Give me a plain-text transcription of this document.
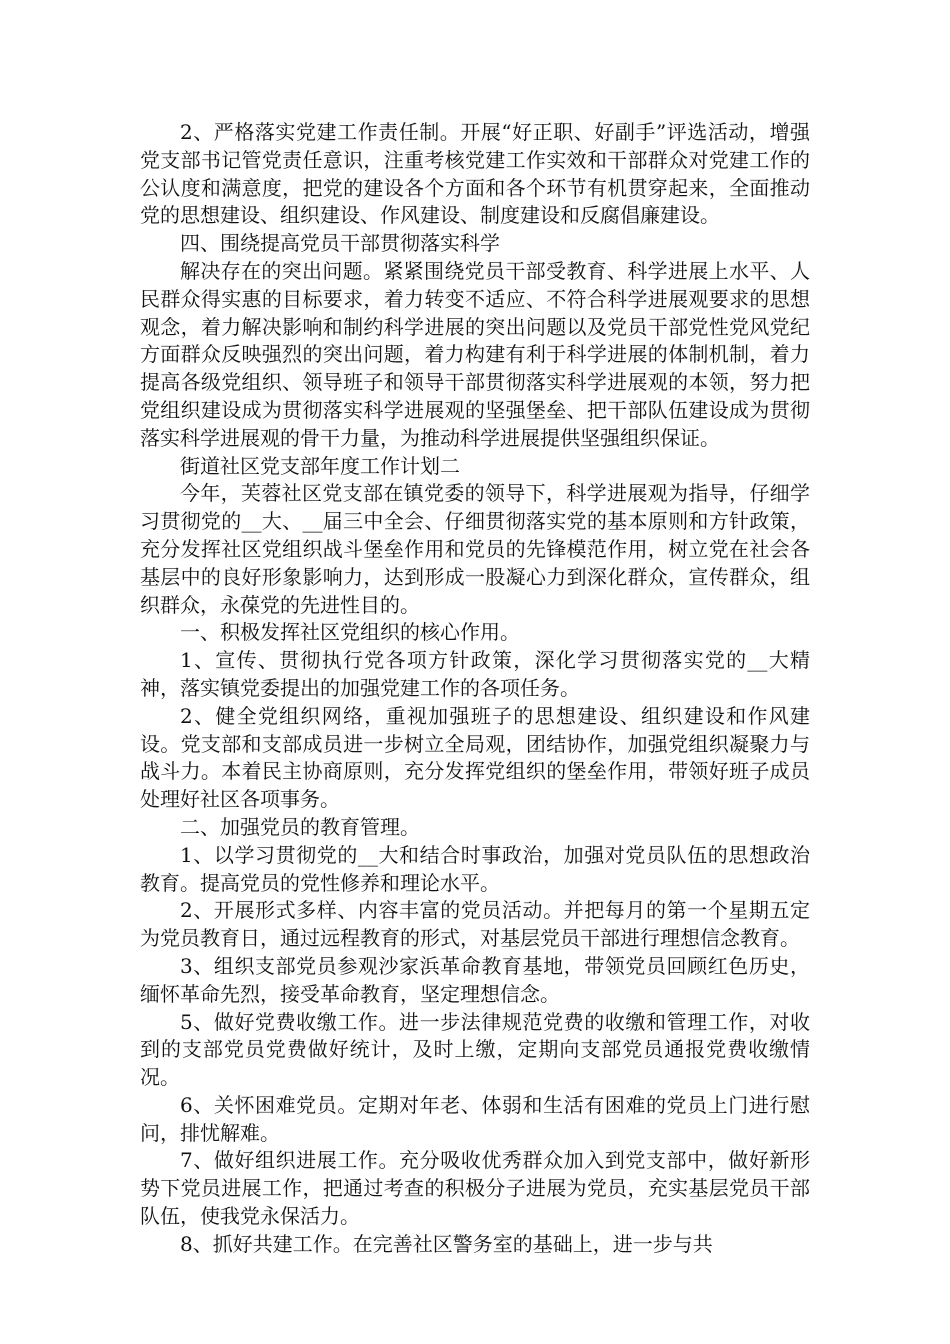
2、严格落实党建工作责任制。开展“好正职、好副手”评选活动，增强党支部书记管党责任意识，注重考核党建工作实效和干部群众对党建工作的公认度和满意度，把党的建设各个方面和各个环节有机贯穿起来，全面推动党的思想建设、组织建设、作风建设、制度建设和反腐倡廉建设。

四、围绕提高党员干部贯彻落实科学

解决存在的突出问题。紧紧围绕党员干部受教育、科学进展上水平、人民群众得实惠的目标要求，着力转变不适应、不符合科学进展观要求的思想观念，着力解决影响和制约科学进展的突出问题以及党员干部党性党风党纪方面群众反映强烈的突出问题，着力构建有利于科学进展的体制机制，着力提高各级党组织、领导班子和领导干部贯彻落实科学进展观的本领，努力把党组织建设成为贯彻落实科学进展观的坚强堡垒、把干部队伍建设成为贯彻落实科学进展观的骨干力量，为推动科学进展提供坚强组织保证。

街道社区党支部年度工作计划二

今年，芙蓉社区党支部在镇党委的领导下，科学进展观为指导，仔细学习贯彻党的__大、__届三中全会、仔细贯彻落实党的基本原则和方针政策，充分发挥社区党组织战斗堡垒作用和党员的先锋模范作用，树立党在社会各基层中的良好形象影响力，达到形成一股凝心力到深化群众，宣传群众，组织群众，永葆党的先进性目的。

一、积极发挥社区党组织的核心作用。

1、宣传、贯彻执行党各项方针政策，深化学习贯彻落实党的__大精神，落实镇党委提出的加强党建工作的各项任务。

2、健全党组织网络，重视加强班子的思想建设、组织建设和作风建设。党支部和支部成员进一步树立全局观，团结协作，加强党组织凝聚力与战斗力。本着民主协商原则，充分发挥党组织的堡垒作用，带领好班子成员处理好社区各项事务。

二、加强党员的教育管理。

1、以学习贯彻党的__大和结合时事政治，加强对党员队伍的思想政治教育。提高党员的党性修养和理论水平。

2、开展形式多样、内容丰富的党员活动。并把每月的第一个星期五定为党员教育日，通过远程教育的形式，对基层党员干部进行理想信念教育。

3、组织支部党员参观沙家浜革命教育基地，带领党员回顾红色历史，缅怀革命先烈，接受革命教育，坚定理想信念。

5、做好党费收缴工作。进一步法律规范党费的收缴和管理工作，对收到的支部党员党费做好统计，及时上缴，定期向支部党员通报党费收缴情况。

6、关怀困难党员。定期对年老、体弱和生活有困难的党员上门进行慰问，排忧解难。

7、做好组织进展工作。充分吸收优秀群众加入到党支部中，做好新形势下党员进展工作，把通过考查的积极分子进展为党员，充实基层党员干部队伍，使我党永保活力。

8、抓好共建工作。在完善社区警务室的基础上，进一步与共
